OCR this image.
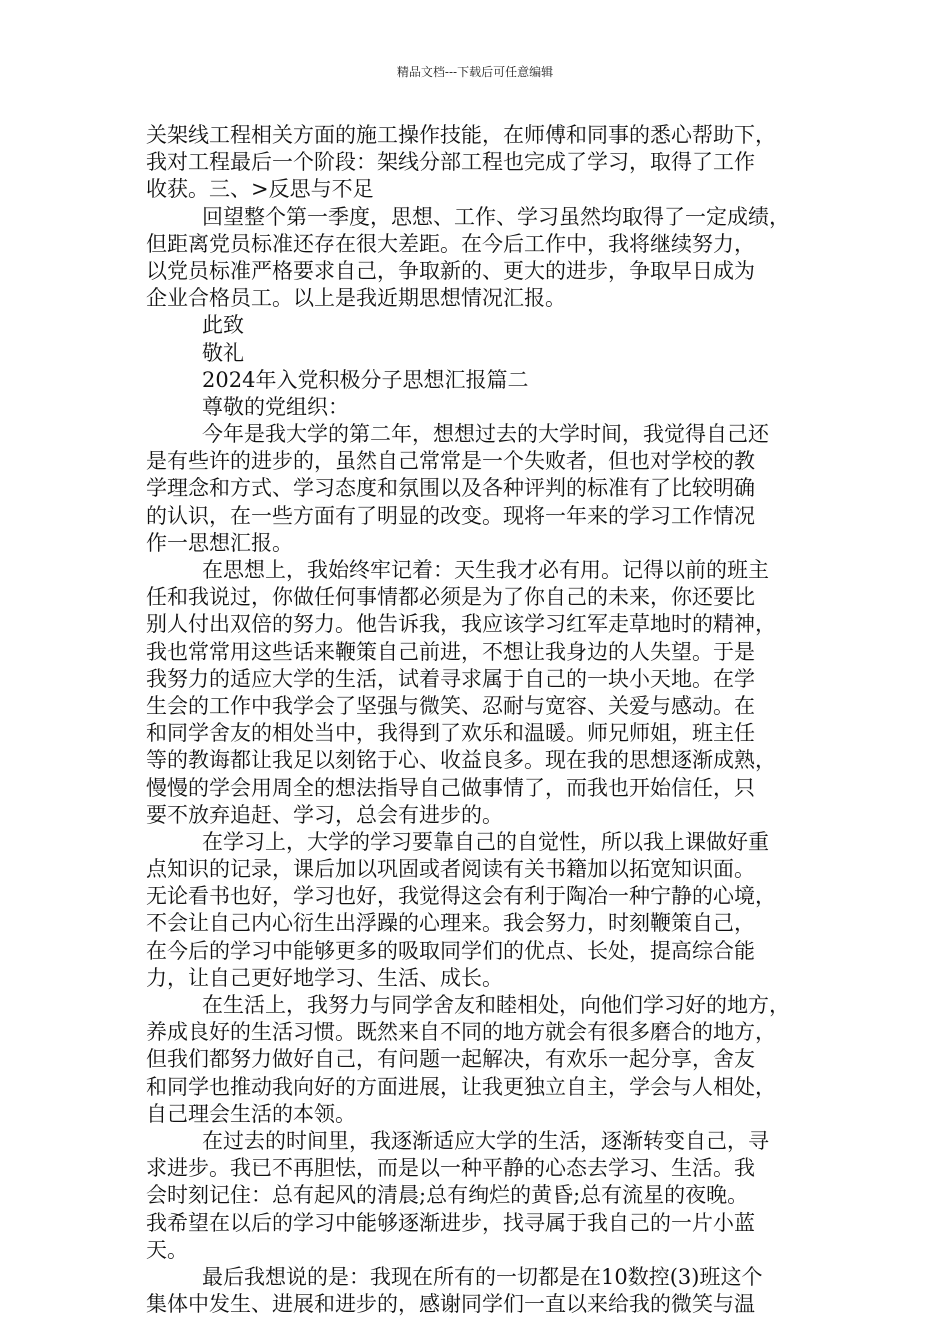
精品文档---下载后可任意编辑
关架线工程相关方面的施工操作技能，在师傅和同事的悉心帮助下，
我对工程最后一个阶段：架线分部工程也完成了学习，取得了工作
收获。三、>反思与不足
回望整个第一季度，思想、工作、学习虽然均取得了一定成绩，
但距离党员标准还存在很大差距。在今后工作中，我将继续努力，
以党员标准严格要求自己，争取新的、更大的进步，争取早日成为
企业合格员工。以上是我近期思想情况汇报。
此致
敬礼
2024年入党积极分子思想汇报篇二
尊敬的党组织：
今年是我大学的第二年，想想过去的大学时间，我觉得自己还
是有些许的进步的，虽然自己常常是一个失败者，但也对学校的教
学理念和方式、学习态度和氛围以及各种评判的标准有了比较明确
的认识，在一些方面有了明显的改变。现将一年来的学习工作情况
作一思想汇报。
在思想上，我始终牢记着：天生我才必有用。记得以前的班主
任和我说过，你做任何事情都必须是为了你自己的未来，你还要比
别人付出双倍的努力。他告诉我，我应该学习红军走草地时的精神，
我也常常用这些话来鞭策自己前进，不想让我身边的人失望。于是
我努力的适应大学的生活，试着寻求属于自己的一块小天地。在学
生会的工作中我学会了坚强与微笑、忍耐与宽容、关爱与感动。在
和同学舍友的相处当中，我得到了欢乐和温暖。师兄师姐，班主任
等的教诲都让我足以刻铭于心、收益良多。现在我的思想逐渐成熟，
慢慢的学会用周全的想法指导自己做事情了，而我也开始信任，只
要不放弃追赶、学习，总会有进步的。
在学习上，大学的学习要靠自己的自觉性，所以我上课做好重
点知识的记录，课后加以巩固或者阅读有关书籍加以拓宽知识面。
无论看书也好，学习也好，我觉得这会有利于陶冶一种宁静的心境，
不会让自己内心衍生出浮躁的心理来。我会努力，时刻鞭策自己，
在今后的学习中能够更多的吸取同学们的优点、长处，提高综合能
力，让自己更好地学习、生活、成长。
在生活上，我努力与同学舍友和睦相处，向他们学习好的地方，
养成良好的生活习惯。既然来自不同的地方就会有很多磨合的地方，
但我们都努力做好自己，有问题一起解决，有欢乐一起分享，舍友
和同学也推动我向好的方面进展，让我更独立自主，学会与人相处，
自己理会生活的本领。
在过去的时间里，我逐渐适应大学的生活，逐渐转变自己，寻
求进步。我已不再胆怯，而是以一种平静的心态去学习、生活。我
会时刻记住：总有起风的清晨;总有绚烂的黄昏;总有流星的夜晚。
我希望在以后的学习中能够逐渐进步，找寻属于我自己的一片小蓝
天。
最后我想说的是：我现在所有的一切都是在10数控(3)班这个
集体中发生、进展和进步的，感谢同学们一直以来给我的微笑与温
